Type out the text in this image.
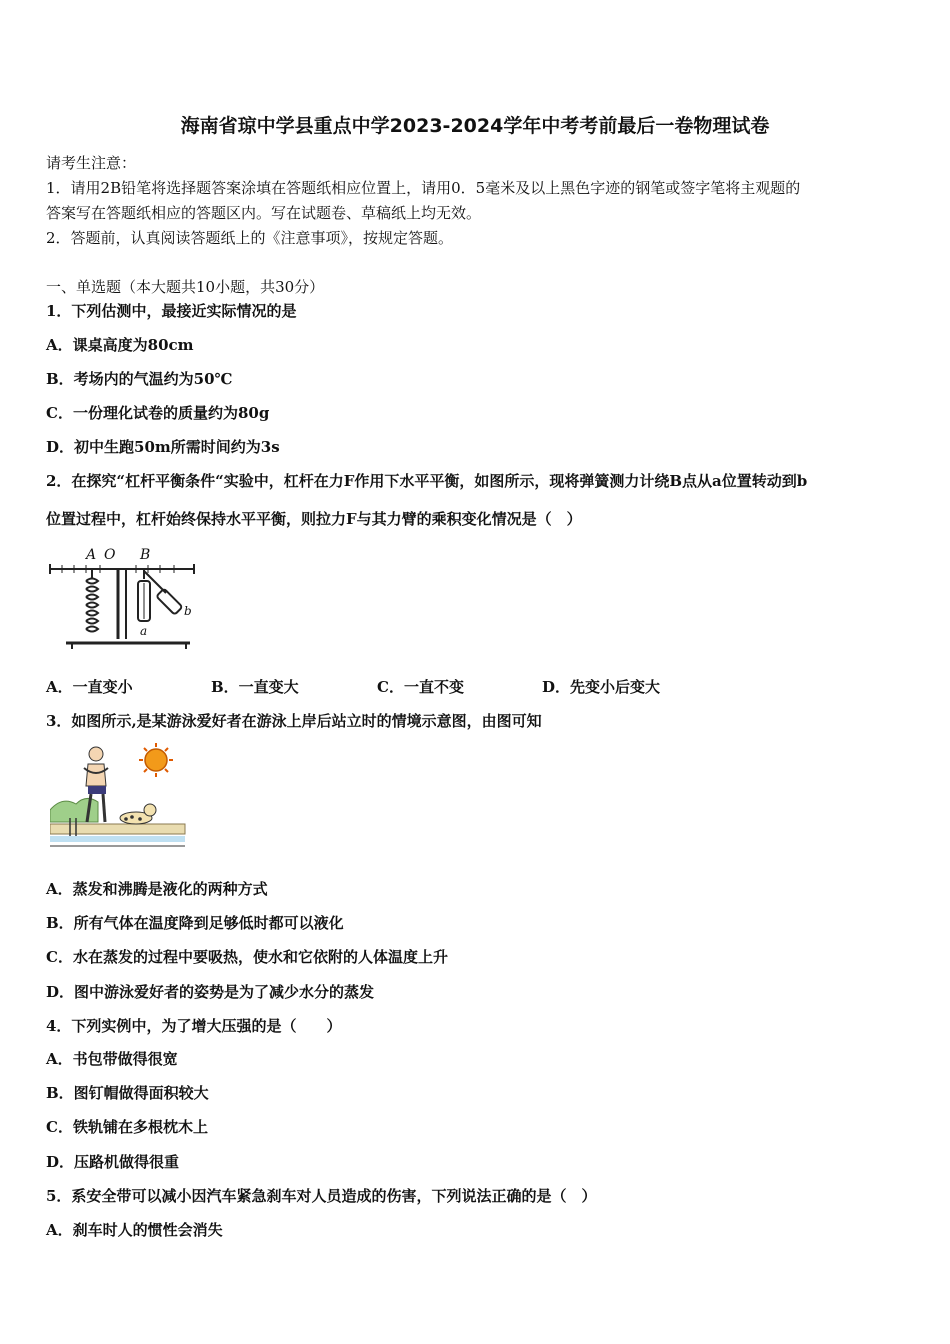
海南省琼中学县重点中学2023-2024学年中考考前最后一卷物理试卷
请考生注意：
1．请用2B铅笔将选择题答案涂填在答题纸相应位置上，请用0．5毫米及以上黑色字迹的钢笔或签字笔将主观题的
答案写在答题纸相应的答题区内。写在试题卷、草稿纸上均无效。
2．答题前，认真阅读答题纸上的《注意事项》，按规定答题。
一、单选题（本大题共10小题，共30分）
1．下列估测中，最接近实际情况的是
A．课桌高度为80cm
B．考场内的气温约为50℃
C．一份理化试卷的质量约为80g
D．初中生跑50m所需时间约为3s
2．在探究“杠杆平衡条件“实验中，杠杆在力F作用下水平平衡，如图所示，现将弹簧测力计绕B点从a位置转动到b
位置过程中，杠杆始终保持水平平衡，则拉力F与其力臂的乘积变化情况是（　）
A O B
a
b
A．一直变小	B．一直变大	C．一直不变	D．先变小后变大
3．如图所示,是某游泳爱好者在游泳上岸后站立时的情境示意图，由图可知
A．蒸发和沸腾是液化的两种方式
B．所有气体在温度降到足够低时都可以液化
C．水在蒸发的过程中要吸热，使水和它依附的人体温度上升
D．图中游泳爱好者的姿势是为了减少水分的蒸发
4．下列实例中，为了增大压强的是（　　）
A．书包带做得很宽
B．图钉帽做得面积较大
C．铁轨铺在多根枕木上
D．压路机做得很重
5．系安全带可以减小因汽车紧急刹车对人员造成的伤害，下列说法正确的是（　）
A．刹车时人的惯性会消失
